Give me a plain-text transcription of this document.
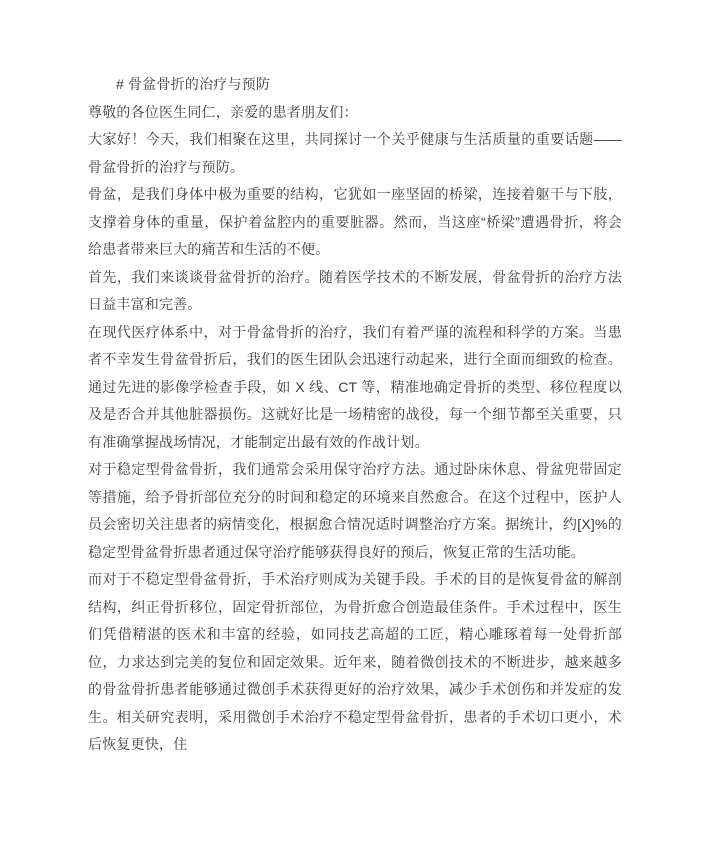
# 骨盆骨折的治疗与预防

尊敬的各位医生同仁，亲爱的患者朋友们：

大家好！今天，我们相聚在这里，共同探讨一个关乎健康与生活质量的重要话题——骨盆骨折的治疗与预防。

骨盆，是我们身体中极为重要的结构，它犹如一座坚固的桥梁，连接着躯干与下肢，支撑着身体的重量，保护着盆腔内的重要脏器。然而，当这座“桥梁”遭遇骨折，将会给患者带来巨大的痛苦和生活的不便。

首先，我们来谈谈骨盆骨折的治疗。随着医学技术的不断发展，骨盆骨折的治疗方法日益丰富和完善。

在现代医疗体系中，对于骨盆骨折的治疗，我们有着严谨的流程和科学的方案。当患者不幸发生骨盆骨折后，我们的医生团队会迅速行动起来，进行全面而细致的检查。通过先进的影像学检查手段，如 X 线、CT 等，精准地确定骨折的类型、移位程度以及是否合并其他脏器损伤。这就好比是一场精密的战役，每一个细节都至关重要，只有准确掌握战场情况，才能制定出最有效的作战计划。

对于稳定型骨盆骨折，我们通常会采用保守治疗方法。通过卧床休息、骨盆兜带固定等措施，给予骨折部位充分的时间和稳定的环境来自然愈合。在这个过程中，医护人员会密切关注患者的病情变化，根据愈合情况适时调整治疗方案。据统计，约[X]%的稳定型骨盆骨折患者通过保守治疗能够获得良好的预后，恢复正常的生活功能。

而对于不稳定型骨盆骨折，手术治疗则成为关键手段。手术的目的是恢复骨盆的解剖结构，纠正骨折移位，固定骨折部位，为骨折愈合创造最佳条件。手术过程中，医生们凭借精湛的医术和丰富的经验，如同技艺高超的工匠，精心雕琢着每一处骨折部位，力求达到完美的复位和固定效果。近年来，随着微创技术的不断进步，越来越多的骨盆骨折患者能够通过微创手术获得更好的治疗效果，减少手术创伤和并发症的发生。相关研究表明，采用微创手术治疗不稳定型骨盆骨折，患者的手术切口更小，术后恢复更快，住
